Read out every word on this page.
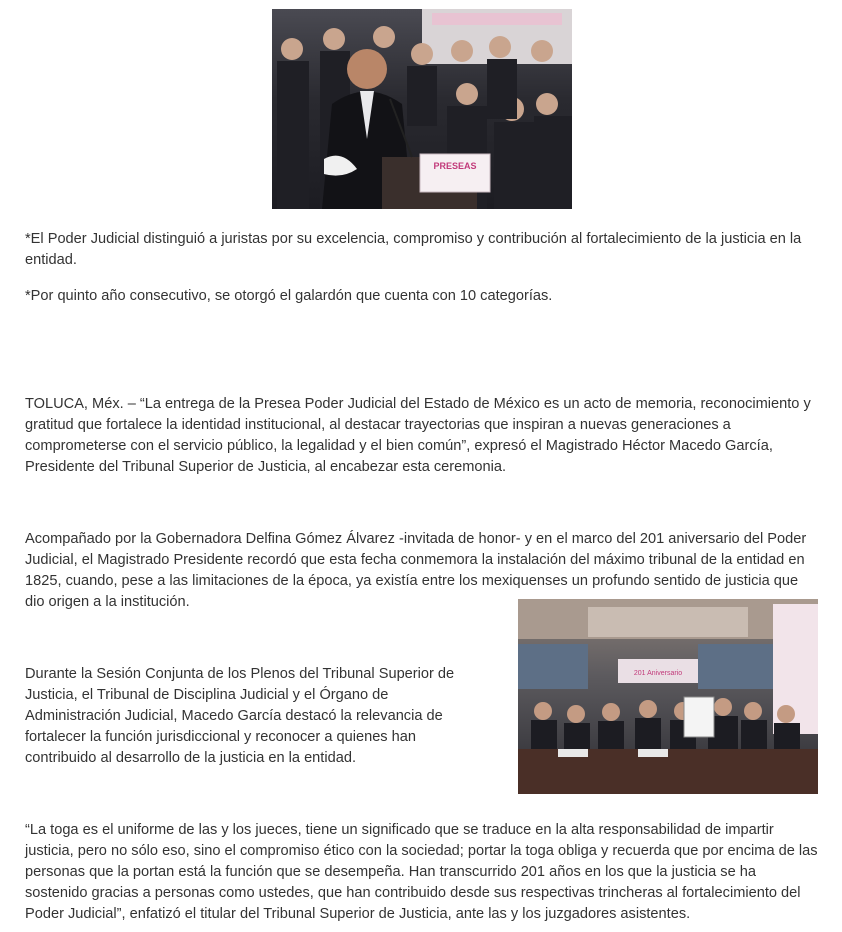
PRESEAS

*El Poder Judicial distinguió a juristas por su excelencia, compromiso y contribución al fortalecimiento de la justicia en la entidad.

*Por quinto año consecutivo, se otorgó el galardón que cuenta con 10 categorías.

TOLUCA, Méx. – “La entrega de la Presea Poder Judicial del Estado de México es un acto de memoria, reconocimiento y gratitud que fortalece la identidad institucional, al destacar trayectorias que inspiran a nuevas generaciones a comprometerse con el servicio público, la legalidad y el bien común”, expresó el Magistrado Héctor Macedo García, Presidente del Tribunal Superior de Justicia, al encabezar esta ceremonia.

Acompañado por la Gobernadora Delfina Gómez Álvarez -invitada de honor- y en el marco del 201 aniversario del Poder Judicial, el Magistrado Presidente recordó que esta fecha conmemora la instalación del máximo tribunal de la entidad en 1825, cuando, pese a las limitaciones de la época, ya existía entre los mexiquenses un profundo sentido de justicia que dio origen a la institución.

201 Aniversario

Durante la Sesión Conjunta de los Plenos del Tribunal Superior de Justicia, el Tribunal de Disciplina Judicial y el Órgano de Administración Judicial, Macedo García destacó la relevancia de fortalecer la función jurisdiccional y reconocer a quienes han contribuido al desarrollo de la justicia en la entidad.

“La toga es el uniforme de las y los jueces, tiene un significado que se traduce en la alta responsabilidad de impartir justicia, pero no sólo eso, sino el compromiso ético con la sociedad; portar la toga obliga y recuerda que por encima de las personas que la portan está la función que se desempeña. Han transcurrido 201 años en los que la justicia se ha sostenido gracias a personas como ustedes, que han contribuido desde sus respectivas trincheras al fortalecimiento del Poder Judicial”, enfatizó el titular del Tribunal Superior de Justicia, ante las y los juzgadores asistentes.
